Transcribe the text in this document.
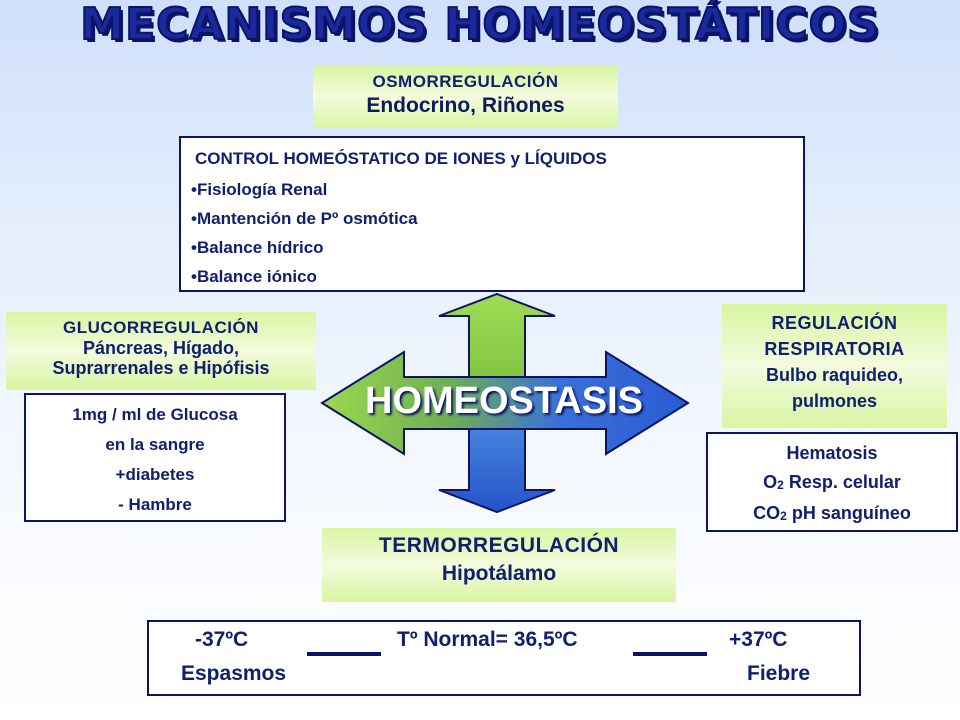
MECANISMOS HOMEOSTÁTICOS
HOMEOSTASIS
OSMORREGULACIÓN
Endocrino, Riñones
CONTROL HOMEÓSTATICO DE IONES y LÍQUIDOS
• Fisiología Renal
• Mantención de Pº osmótica
• Balance hídrico
• Balance iónico
GLUCORREGULACIÓN
Páncreas, Hígado,
Suprarrenales e Hipófisis
1mg / ml de Glucosa
en la sangre
+diabetes
- Hambre
REGULACIÓN
RESPIRATORIA
Bulbo raquideo,
pulmones
Hematosis
$O_2$ Resp. celular
$CO_2$ pH sanguíneo
TERMORREGULACIÓN
Hipotálamo
-37ºC
Espasmos
Tº Normal= 36,5ºC	+37ºC
Fiebre
